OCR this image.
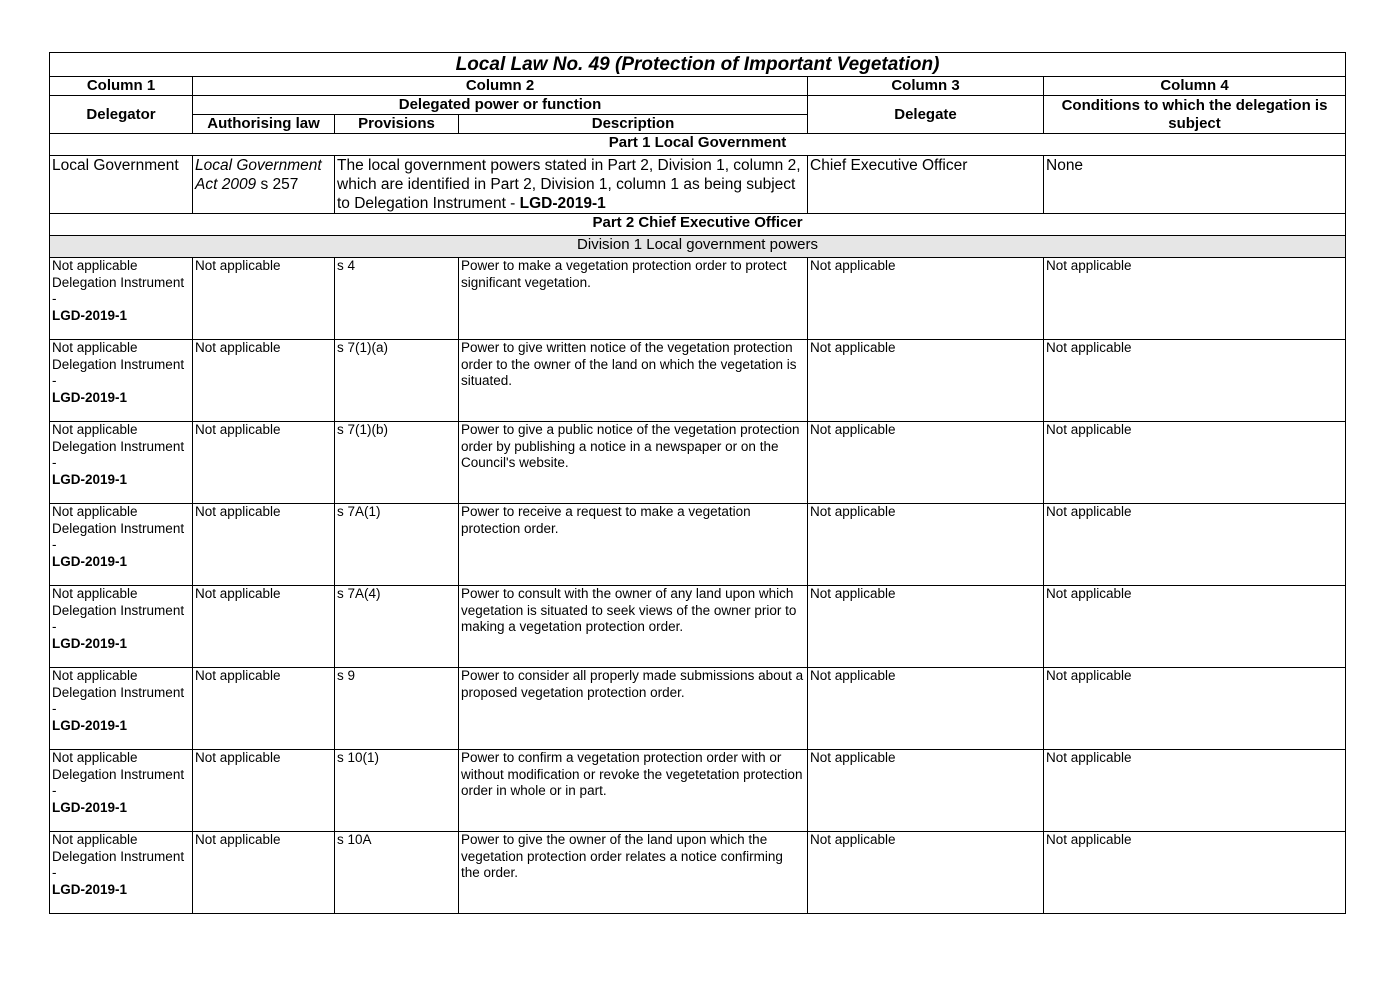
Local Law No. 49 (Protection of Important Vegetation)					
Column 1	Column 2			Column 3	Column 4
Delegator	Delegated power or function			Delegate	Conditions to which the delegation is subject
	Authorising law	Provisions	Description		
Part 1 Local Government					
Local Government	Local Government Act 2009 s 257	The local government powers stated in Part 2, Division 1, column 2, which are identified in Part 2, Division 1, column 1 as being subject to Delegation Instrument - LGD-2019-1		Chief Executive Officer	None
Part 2 Chief Executive Officer					
Division 1 Local government powers					
Not applicable
Delegation Instrument -
LGD-2019-1	Not applicable	s 4	Power to make a vegetation protection order to protect significant vegetation.	Not applicable	Not applicable
Not applicable
Delegation Instrument -
LGD-2019-1	Not applicable	s 7(1)(a)	Power to give written notice of the vegetation protection order to the owner of the land on which the vegetation is situated.	Not applicable	Not applicable
Not applicable
Delegation Instrument -
LGD-2019-1	Not applicable	s 7(1)(b)	Power to give a public notice of the vegetation protection order by publishing a notice in a newspaper or on the Council's website.	Not applicable	Not applicable
Not applicable
Delegation Instrument -
LGD-2019-1	Not applicable	s 7A(1)	Power to receive a request to make a vegetation protection order.	Not applicable	Not applicable
Not applicable
Delegation Instrument -
LGD-2019-1	Not applicable	s 7A(4)	Power to consult with the owner of any land upon which vegetation is situated to seek views of the owner prior to making a vegetation protection order.	Not applicable	Not applicable
Not applicable
Delegation Instrument -
LGD-2019-1	Not applicable	s 9	Power to consider all properly made submissions about a proposed vegetation protection order.	Not applicable	Not applicable
Not applicable
Delegation Instrument -
LGD-2019-1	Not applicable	s 10(1)	Power to confirm a vegetation protection order with or without modification or revoke the vegetetation protection order in whole or in part.	Not applicable	Not applicable
Not applicable
Delegation Instrument -
LGD-2019-1	Not applicable	s 10A	Power to give the owner of the land upon which the vegetation protection order relates a notice confirming the order.	Not applicable	Not applicable
